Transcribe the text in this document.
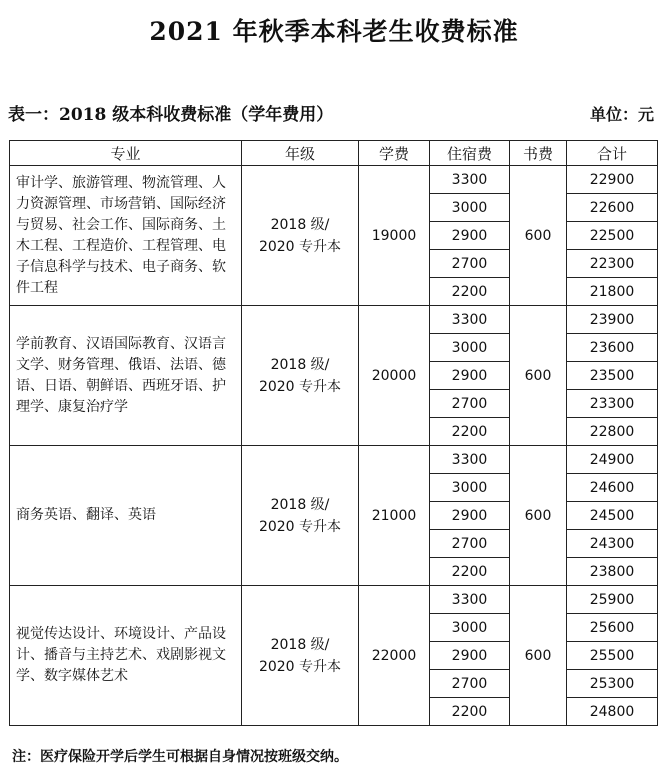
2021 年秋季本科老生收费标准
表一：2018 级本科收费标准（学年费用）	单位：元
专业	年级	学费	住宿费	书费	合计
审计学、旅游管理、物流管理、人力资源管理、市场营销、国际经济与贸易、社会工作、国际商务、土木工程、工程造价、工程管理、电子信息科学与技术、电子商务、软件工程	2018 级/
2020 专升本	19000	3300	600	22900
			3000		22600
			2900		22500
			2700		22300
			2200		21800
学前教育、汉语国际教育、汉语言文学、财务管理、俄语、法语、德语、日语、朝鲜语、西班牙语、护理学、康复治疗学	2018 级/
2020 专升本	20000	3300	600	23900
			3000		23600
			2900		23500
			2700		23300
			2200		22800
商务英语、翻译、英语	2018 级/
2020 专升本	21000	3300	600	24900
			3000		24600
			2900		24500
			2700		24300
			2200		23800
视觉传达设计、环境设计、产品设计、播音与主持艺术、戏剧影视文学、数字媒体艺术	2018 级/
2020 专升本	22000	3300	600	25900
			3000		25600
			2900		25500
			2700		25300
			2200		24800
注：医疗保险开学后学生可根据自身情况按班级交纳。
